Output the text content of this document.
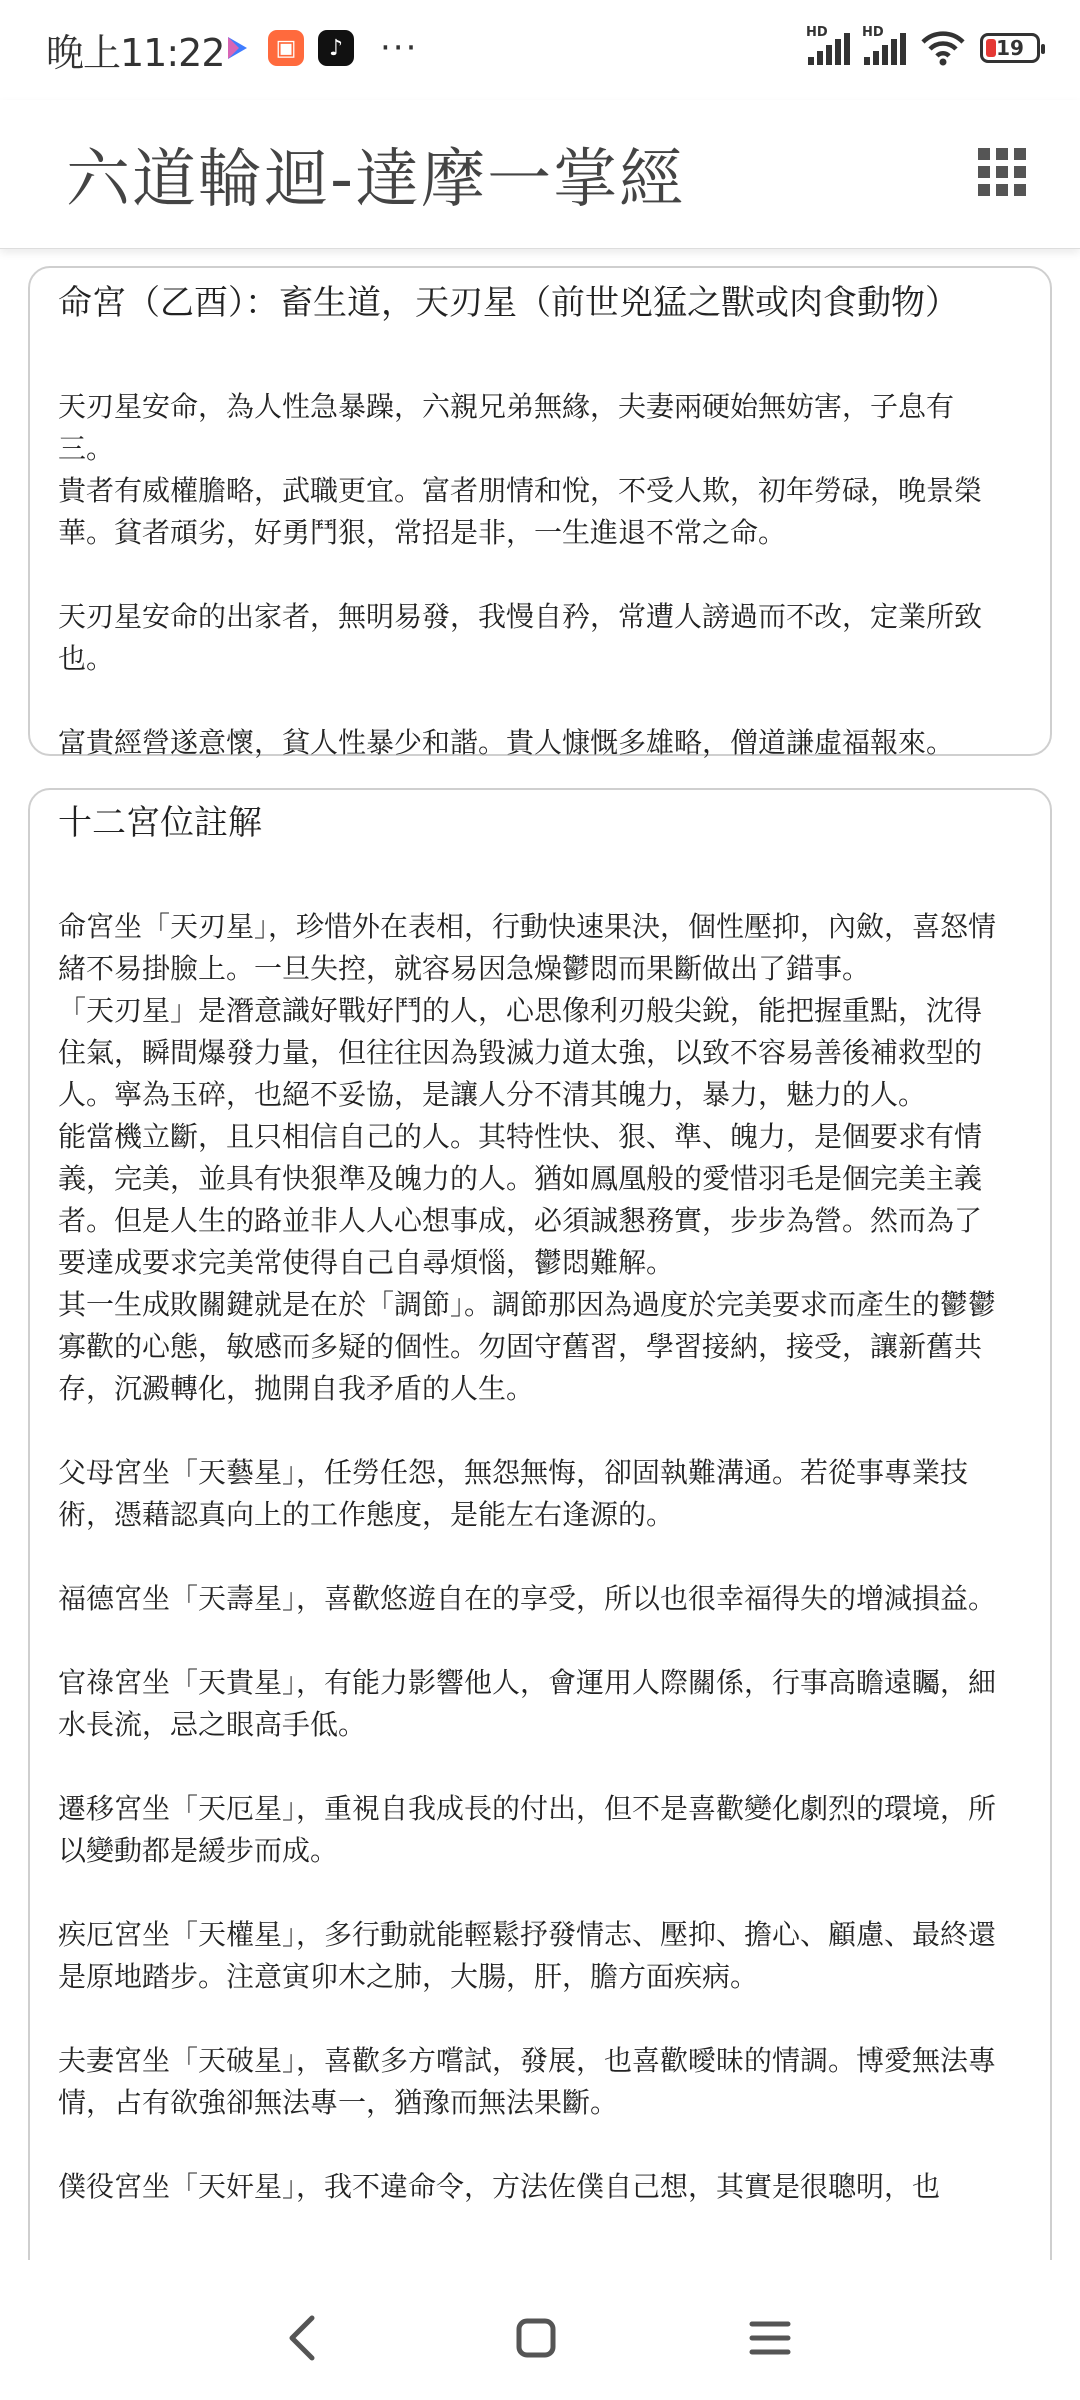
晚上11:22	▣	♪	···	HD	HD
19
六道輪迴-達摩一掌經
命宮（乙酉）：畜生道，天刃星（前世兇猛之獸或肉食動物）

天刃星安命，為人性急暴躁，六親兄弟無緣，夫妻兩硬始無妨害，子息有三。

貴者有威權膽略，武職更宜。富者朋情和悅，不受人欺，初年勞碌，晚景榮華。貧者頑劣，好勇鬥狠，常招是非，一生進退不常之命。

天刃星安命的出家者，無明易發，我慢自矜，常遭人謗過而不改，定業所致也。

富貴經營遂意懷，貧人性暴少和諧。貴人慷慨多雄略，僧道謙虛福報來。

十二宮位註解

命宮坐「天刃星」，珍惜外在表相，行動快速果決，個性壓抑，內斂，喜怒情緒不易掛臉上。一旦失控，就容易因急燥鬱悶而果斷做出了錯事。

「天刃星」是潛意識好戰好鬥的人，心思像利刃般尖銳，能把握重點，沈得住氣，瞬間爆發力量，但往往因為毀滅力道太強，以致不容易善後補救型的人。寧為玉碎，也絕不妥協，是讓人分不清其魄力，暴力，魅力的人。

能當機立斷，且只相信自己的人。其特性快、狠、準、魄力，是個要求有情義，完美，並具有快狠準及魄力的人。猶如鳳凰般的愛惜羽毛是個完美主義者。但是人生的路並非人人心想事成，必須誠懇務實，步步為營。然而為了要達成要求完美常使得自己自尋煩惱，鬱悶難解。

其一生成敗關鍵就是在於「調節」。調節那因為過度於完美要求而產生的鬱鬱寡歡的心態，敏感而多疑的個性。勿固守舊習，學習接納，接受，讓新舊共存，沉澱轉化，拋開自我矛盾的人生。

父母宮坐「天藝星」，任勞任怨，無怨無悔，卻固執難溝通。若從事專業技術，憑藉認真向上的工作態度，是能左右逢源的。

福德宮坐「天壽星」，喜歡悠遊自在的享受，所以也很幸福得失的增減損益。

官祿宮坐「天貴星」，有能力影響他人，會運用人際關係，行事高瞻遠矚，細水長流，忌之眼高手低。

遷移宮坐「天厄星」，重視自我成長的付出，但不是喜歡變化劇烈的環境，所以變動都是緩步而成。

疾厄宮坐「天權星」，多行動就能輕鬆抒發情志、壓抑、擔心、顧慮、最終還是原地踏步。注意寅卯木之肺，大腸，肝，膽方面疾病。

夫妻宮坐「天破星」，喜歡多方嚐試，發展，也喜歡曖昧的情調。博愛無法專情，占有欲強卻無法專一，猶豫而無法果斷。

僕役宮坐「天奸星」，我不違命令，方法佐僕自己想，其實是很聰明，也
